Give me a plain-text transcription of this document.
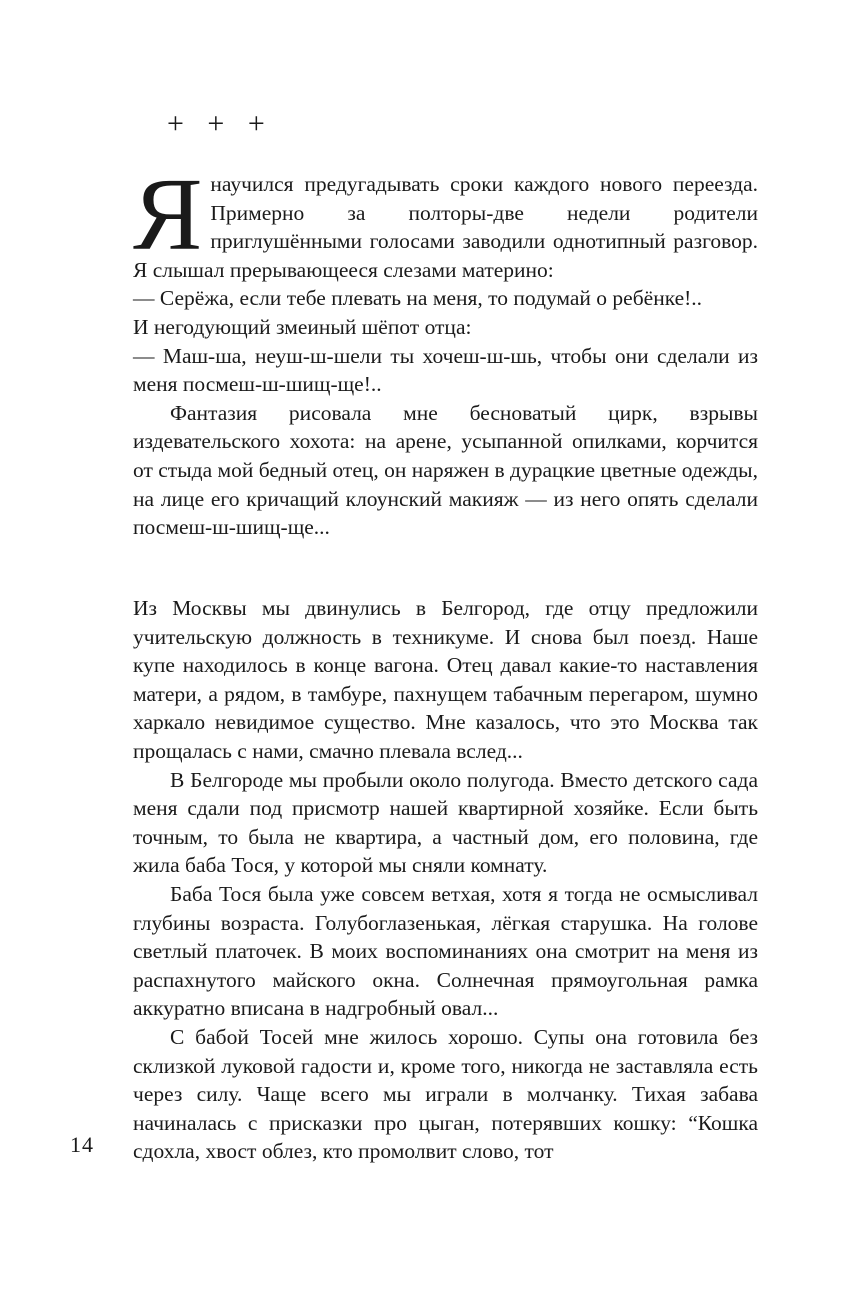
+ + +

Янаучился предугадывать сроки каждого нового переезда. Примерно за полторы-две недели родители приглушёнными голосами заводили однотипный разговор. Я слышал прерывающееся слезами материно:

— Серёжа, если тебе плевать на меня, то подумай о ребёнке!..

И негодующий змеиный шёпот отца:

— Маш-ша, неуш-ш-шели ты хочеш-ш-шь, чтобы они сделали из меня посмеш-ш-шищ-ще!..

Фантазия рисовала мне бесноватый цирк, взрывы издевательского хохота: на арене, усыпанной опилками, корчится от стыда мой бедный отец, он наряжен в дурацкие цветные одежды, на лице его кричащий клоунский макияж — из него опять сделали посмеш-ш-шищ-ще...

Из Москвы мы двинулись в Белгород, где отцу предложили учительскую должность в техникуме. И снова был поезд. Наше купе находилось в конце вагона. Отец давал какие-то наставления матери, а рядом, в тамбуре, пахнущем табачным перегаром, шумно харкало невидимое существо. Мне казалось, что это Москва так прощалась с нами, смачно плевала вслед...

В Белгороде мы пробыли около полугода. Вместо детского сада меня сдали под присмотр нашей квартирной хозяйке. Если быть точным, то была не квартира, а частный дом, его половина, где жила баба Тося, у которой мы сняли комнату.

Баба Тося была уже совсем ветхая, хотя я тогда не осмысливал глубины возраста. Голубоглазенькая, лёгкая старушка. На голове светлый платочек. В моих воспоминаниях она смотрит на меня из распахнутого майского окна. Солнечная прямоугольная рамка аккуратно вписана в надгробный овал...

С бабой Тосей мне жилось хорошо. Супы она готовила без склизкой луковой гадости и, кроме того, никогда не заставляла есть через силу. Чаще всего мы играли в молчанку. Тихая забава начиналась с присказки про цыган, потерявших кошку: “Кошка сдохла, хвост облез, кто промолвит слово, тот

14
